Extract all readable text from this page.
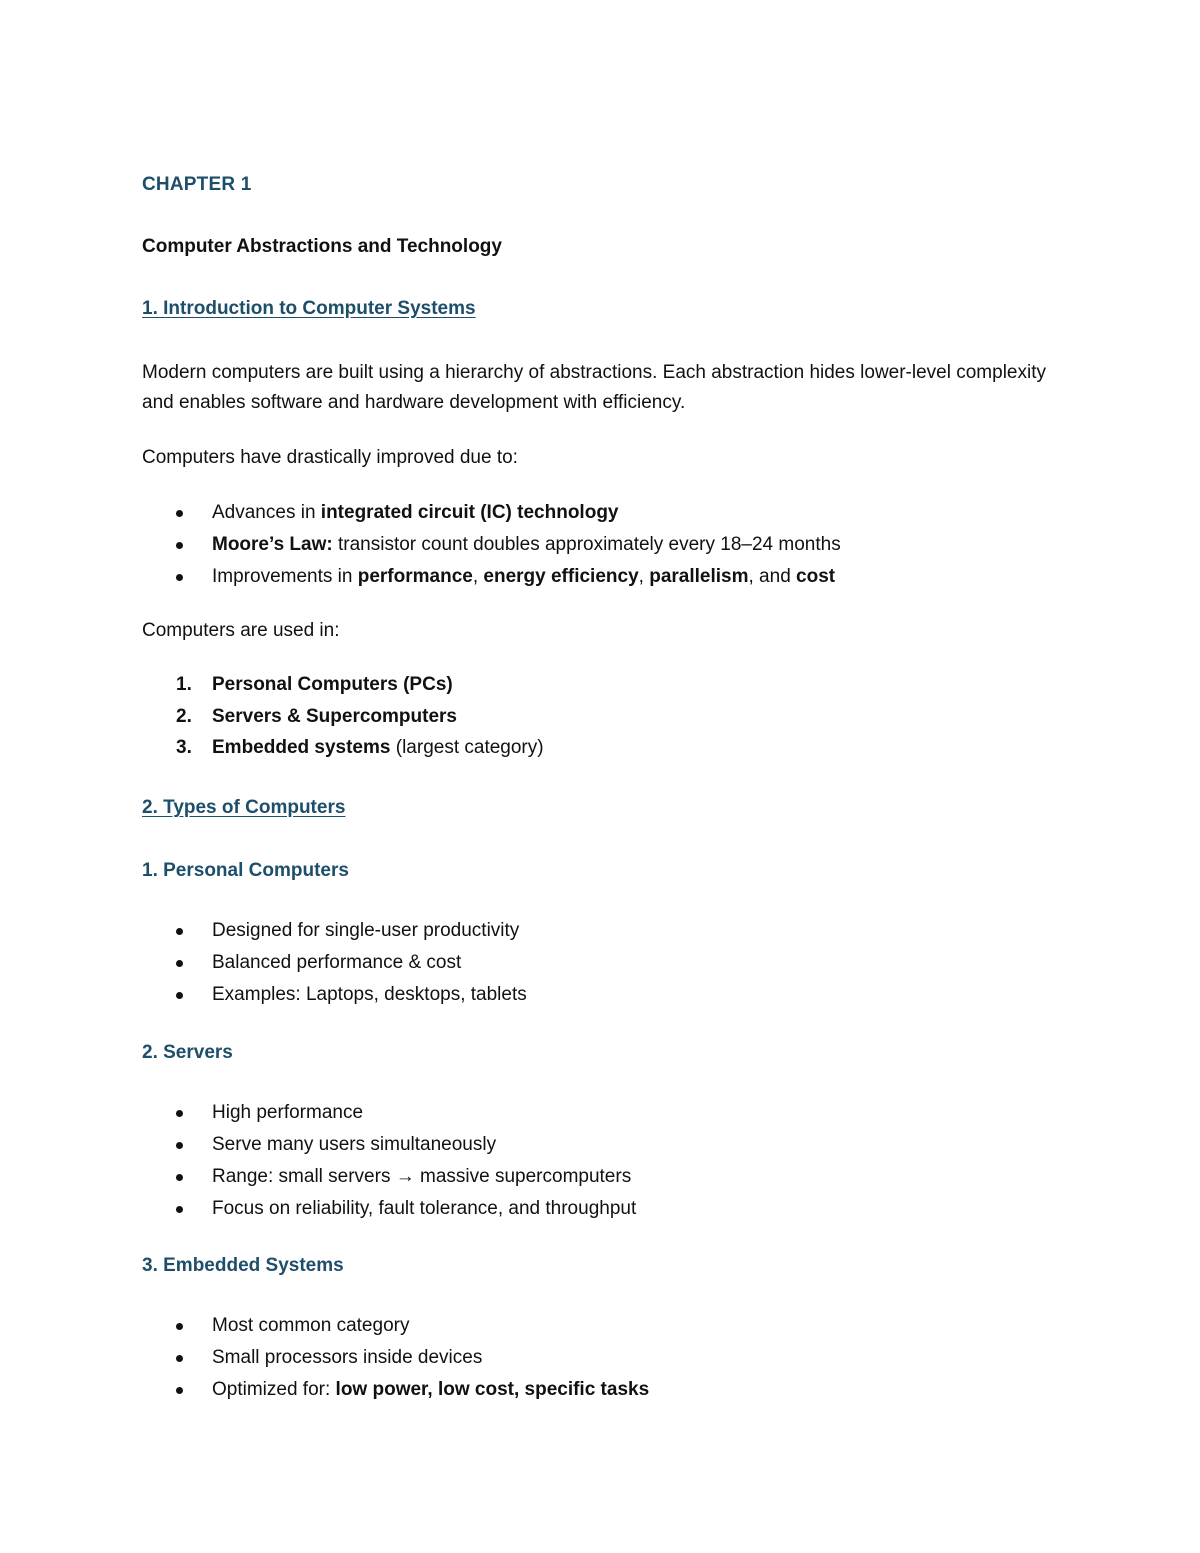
CHAPTER 1

Computer Abstractions and Technology

1. Introduction to Computer Systems

Modern computers are built using a hierarchy of abstractions. Each abstraction hides lower-level complexity and enables software and hardware development with efficiency.

Computers have drastically improved due to:

Advances in integrated circuit (IC) technology
Moore’s Law: transistor count doubles approximately every 18–24 months
Improvements in performance, energy efficiency, parallelism, and cost

Computers are used in:

1. Personal Computers (PCs)
2. Servers & Supercomputers
3. Embedded systems (largest category)

2. Types of Computers

1. Personal Computers

Designed for single-user productivity
Balanced performance & cost
Examples: Laptops, desktops, tablets

2. Servers

High performance
Serve many users simultaneously
Range: small servers → massive supercomputers
Focus on reliability, fault tolerance, and throughput

3. Embedded Systems

Most common category
Small processors inside devices
Optimized for: low power, low cost, specific tasks
